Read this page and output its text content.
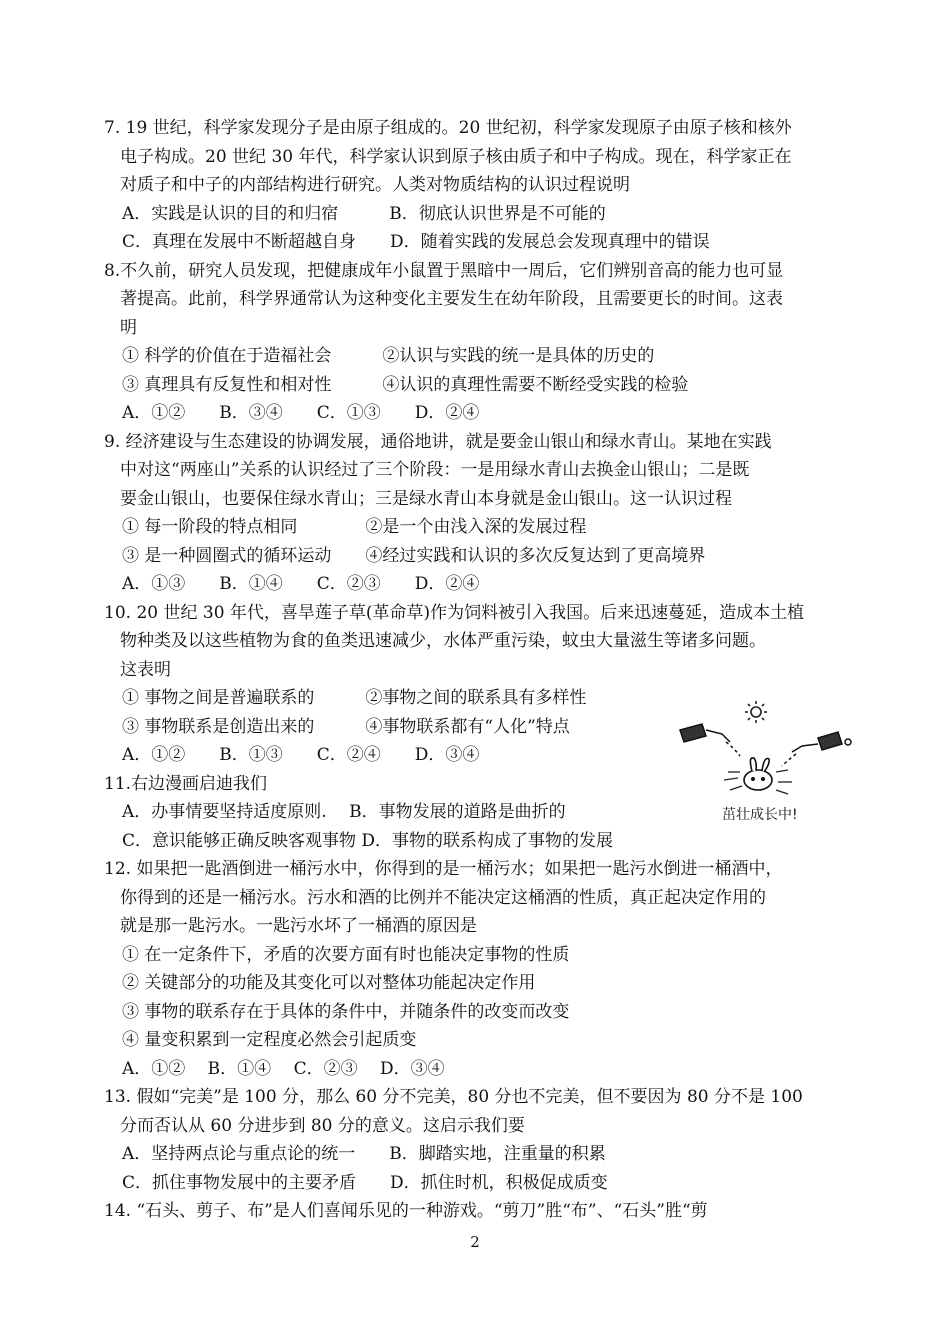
7. 19 世纪，科学家发现分子是由原子组成的。20 世纪初，科学家发现原子由原子核和核外
电子构成。20 世纪 30 年代，科学家认识到原子核由质子和中子构成。现在，科学家正在
对质子和中子的内部结构进行研究。人类对物质结构的认识过程说明
A．实践是认识的目的和归宿　　　B．彻底认识世界是不可能的
C．真理在发展中不断超越自身　　D．随着实践的发展总会发现真理中的错误
8.不久前，研究人员发现，把健康成年小鼠置于黑暗中一周后，它们辨别音高的能力也可显
著提高。此前，科学界通常认为这种变化主要发生在幼年阶段，且需要更长的时间。这表
明
① 科学的价值在于造福社会　　　②认识与实践的统一是具体的历史的
③ 真理具有反复性和相对性　　　④认识的真理性需要不断经受实践的检验
A．①②　　B．③④　　C．①③　　D．②④
9. 经济建设与生态建设的协调发展，通俗地讲，就是要金山银山和绿水青山。某地在实践
中对这“两座山”关系的认识经过了三个阶段：一是用绿水青山去换金山银山；二是既
要金山银山，也要保住绿水青山；三是绿水青山本身就是金山银山。这一认识过程
① 每一阶段的特点相同　　　　②是一个由浅入深的发展过程
③ 是一种圆圈式的循环运动　　④经过实践和认识的多次反复达到了更高境界
A．①③　　B．①④　　C．②③　　D．②④
10. 20 世纪 30 年代，喜旱莲子草(革命草)作为饲料被引入我国。后来迅速蔓延，造成本土植
物种类及以这些植物为食的鱼类迅速减少，水体严重污染，蚊虫大量滋生等诸多问题。
这表明
① 事物之间是普遍联系的　　　②事物之间的联系具有多样性
③ 事物联系是创造出来的　　　④事物联系都有“人化”特点
A．①②　　B．①③　　C．②④　　D．③④
11.右边漫画启迪我们
A．办事情要坚持适度原则.　 B．事物发展的道路是曲折的
C．意识能够正确反映客观事物 D．事物的联系构成了事物的发展
12. 如果把一匙酒倒进一桶污水中，你得到的是一桶污水；如果把一匙污水倒进一桶酒中，
你得到的还是一桶污水。污水和酒的比例并不能决定这桶酒的性质，真正起决定作用的
就是那一匙污水。一匙污水坏了一桶酒的原因是
① 在一定条件下，矛盾的次要方面有时也能决定事物的性质
② 关键部分的功能及其变化可以对整体功能起决定作用
③ 事物的联系存在于具体的条件中，并随条件的改变而改变
④ 量变积累到一定程度必然会引起质变
A．①②　 B．①④　 C．②③　 D．③④
13. 假如“完美”是 100 分，那么 60 分不完美，80 分也不完美，但不要因为 80 分不是 100
分而否认从 60 分进步到 80 分的意义。这启示我们要
A．坚持两点论与重点论的统一　　B．脚踏实地，注重量的积累
C．抓住事物发展中的主要矛盾　　D．抓住时机，积极促成质变
14. “石头、剪子、布”是人们喜闻乐见的一种游戏。“剪刀”胜“布”、“石头”胜“剪
茁壮成长中!
2
